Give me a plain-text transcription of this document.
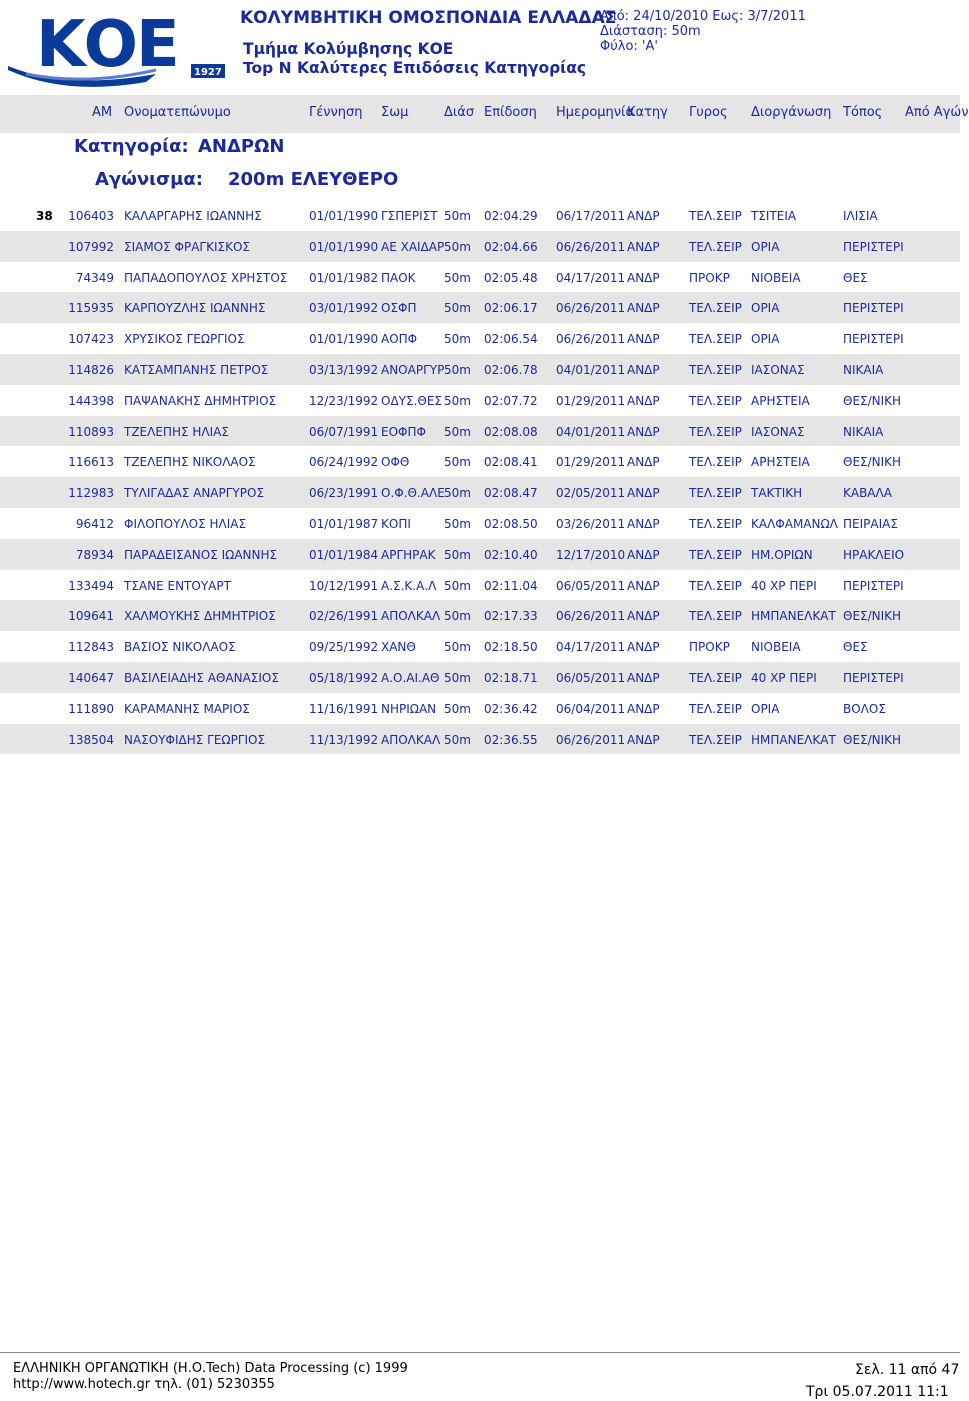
ΚΟΕ 1927
ΚΟΛΥΜΒΗΤΙΚΗ ΟΜΟΣΠΟΝΔΙΑ ΕΛΛΑΔΑΣ
Τμήμα Κολύμβησης ΚΟΕ
Top N Καλύτερες Επιδόσεις Κατηγορίας
Από: 24/10/2010 Εως: 3/7/2011
Διάσταση: 50m
Φύλο: 'Α'
AM Ονοματεπώνυμο	Γέννηση Σωμ	Διάσ Επίδοση Ημερομηνία
Κατηγ Γυρος Διοργάνωση Τόπος Από Αγών
Κατηγορία: ΑΝΔΡΩΝ
Αγώνισμα: 200m ΕΛΕΥΘΕΡΟ
38	106403 ΚΑΛΑΡΓΑΡΗΣ ΙΩΑΝΝΗΣ	01/01/1990 ΓΣΠΕΡΙΣΤ 50m	02:04.29	06/17/2011 ΑΝΔΡ	ΤΕΛ.ΣΕΙΡ ΤΣΙΤΕΙΑ	ΙΛΙΣΙΑ
107992 ΣΙΑΜΟΣ ΦΡΑΓΚΙΣΚΟΣ	01/01/1990 ΑΕ ΧΑΙΔΑΡ 50m	02:04.66	06/26/2011 ΑΝΔΡ	ΤΕΛ.ΣΕΙΡ ΟΡΙΑ	ΠΕΡΙΣΤΕΡΙ
74349 ΠΑΠΑΔΟΠΟΥΛΟΣ ΧΡΗΣΤΟΣ	01/01/1982 ΠΑΟΚ	50m	02:05.48	04/17/2011 ΑΝΔΡ	ΠΡΟΚΡ	ΝΙΟΒΕΙΑ	ΘΕΣ
115935 ΚΑΡΠΟΥΖΛΗΣ ΙΩΑΝΝΗΣ	03/01/1992 ΟΣΦΠ	50m	02:06.17	06/26/2011 ΑΝΔΡ	ΤΕΛ.ΣΕΙΡ ΟΡΙΑ	ΠΕΡΙΣΤΕΡΙ
107423 ΧΡΥΣΙΚΟΣ ΓΕΩΡΓΙΟΣ	01/01/1990 ΑΟΠΦ	50m	02:06.54	06/26/2011 ΑΝΔΡ	ΤΕΛ.ΣΕΙΡ ΟΡΙΑ	ΠΕΡΙΣΤΕΡΙ
114826 ΚΑΤΣΑΜΠΑΝΗΣ ΠΕΤΡΟΣ	03/13/1992 ΑΝΟΑΡΓΥΡ 50m	02:06.78	04/01/2011 ΑΝΔΡ	ΤΕΛ.ΣΕΙΡ ΙΑΣΟΝΑΣ	ΝΙΚΑΙΑ
144398 ΠΑΨΑΝΑΚΗΣ ΔΗΜΗΤΡΙΟΣ	12/23/1992 ΟΔΥΣ.ΘΕΣ 50m	02:07.72	01/29/2011 ΑΝΔΡ	ΤΕΛ.ΣΕΙΡ ΑΡΗΣΤΕΙΑ	ΘΕΣ/ΝΙΚΗ
110893 ΤΖΕΛΕΠΗΣ ΗΛΙΑΣ	06/07/1991 ΕΟΦΠΦ	50m	02:08.08	04/01/2011 ΑΝΔΡ	ΤΕΛ.ΣΕΙΡ ΙΑΣΟΝΑΣ	ΝΙΚΑΙΑ
116613 ΤΖΕΛΕΠΗΣ ΝΙΚΟΛΑΟΣ	06/24/1992 ΟΦΘ	50m	02:08.41	01/29/2011 ΑΝΔΡ	ΤΕΛ.ΣΕΙΡ ΑΡΗΣΤΕΙΑ	ΘΕΣ/ΝΙΚΗ
112983 ΤΥΛΙΓΑΔΑΣ ΑΝΑΡΓΥΡΟΣ	06/23/1991 Ο.Φ.Θ.ΑΛΕ 50m	02:08.47	02/05/2011 ΑΝΔΡ	ΤΕΛ.ΣΕΙΡ ΤΑΚΤΙΚΗ	ΚΑΒΑΛΑ
96412 ΦΙΛΟΠΟΥΛΟΣ ΗΛΙΑΣ	01/01/1987 ΚΟΠΙ	50m	02:08.50	03/26/2011 ΑΝΔΡ	ΤΕΛ.ΣΕΙΡ ΚΑΛΦΑΜΑΝΩΛ ΠΕΙΡΑΙΑΣ
78934 ΠΑΡΑΔΕΙΣΑΝΟΣ ΙΩΑΝΝΗΣ	01/01/1984 ΑΡΓΗΡΑΚ 50m	02:10.40	12/17/2010 ΑΝΔΡ	ΤΕΛ.ΣΕΙΡ ΗΜ.ΟΡΙΩΝ	ΗΡΑΚΛΕΙΟ
133494 ΤΣΑΝΕ ΕΝΤΟΥΑΡΤ	10/12/1991 Α.Σ.Κ.Α.Λ 50m	02:11.04	06/05/2011 ΑΝΔΡ	ΤΕΛ.ΣΕΙΡ 40 ΧΡ ΠΕΡΙ	ΠΕΡΙΣΤΕΡΙ
109641 ΧΑΛΜΟΥΚΗΣ ΔΗΜΗΤΡΙΟΣ	02/26/1991 ΑΠΟΛΚΑΛ 50m	02:17.33	06/26/2011 ΑΝΔΡ	ΤΕΛ.ΣΕΙΡ ΗΜΠΑΝΕΛΚΑΤ ΘΕΣ/ΝΙΚΗ
112843 ΒΑΣΙΟΣ ΝΙΚΟΛΑΟΣ	09/25/1992 ΧΑΝΘ	50m	02:18.50	04/17/2011 ΑΝΔΡ	ΠΡΟΚΡ	ΝΙΟΒΕΙΑ	ΘΕΣ
140647 ΒΑΣΙΛΕΙΑΔΗΣ ΑΘΑΝΑΣΙΟΣ	05/18/1992 Α.Ο.ΑΙ.ΑΘ 50m	02:18.71	06/05/2011 ΑΝΔΡ	ΤΕΛ.ΣΕΙΡ 40 ΧΡ ΠΕΡΙ	ΠΕΡΙΣΤΕΡΙ
111890 ΚΑΡΑΜΑΝΗΣ ΜΑΡΙΟΣ	11/16/1991 ΝΗΡΙΩΑΝ 50m	02:36.42	06/04/2011 ΑΝΔΡ	ΤΕΛ.ΣΕΙΡ ΟΡΙΑ	ΒΟΛΟΣ
138504 ΝΑΣΟΥΦΙΔΗΣ ΓΕΩΡΓΙΟΣ	11/13/1992 ΑΠΟΛΚΑΛ 50m	02:36.55	06/26/2011 ΑΝΔΡ	ΤΕΛ.ΣΕΙΡ ΗΜΠΑΝΕΛΚΑΤ ΘΕΣ/ΝΙΚΗ
ΕΛΛΗΝΙΚΗ ΟΡΓΑΝΩΤΙΚΗ (Η.Ο.Tech) Data Processing (c) 1999
http://www.hotech.gr τηλ. (01) 5230355
Σελ. 11 από 47
Τρι 05.07.2011 11:1
